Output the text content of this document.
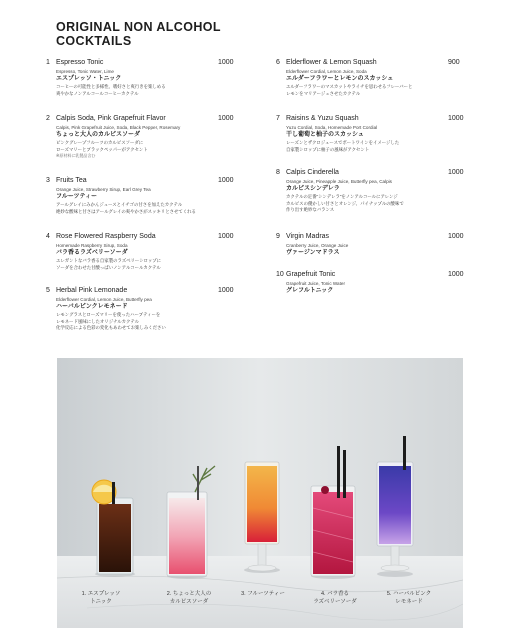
ORIGINAL NON ALCOHOL
COCKTAILS
1 Espresso Tonic	1000
Espresso, Tonic Water, Lime
エスプレッソ・トニック
コーヒーの可能性と多様性、嗜好さと爽行きを楽しめる
爽やかなノンアルコールコーヒーカクテル
2 Calpis Soda, Pink Grapefruit Flavor	1000
Calpis, Pink Grapefruit Juice, Soda, Black Pepper, Rosemary
ちょっと大人のカルピスソーダ
ピンクグレープフルーツのカルピスソーダに
ローズマリーとブラックペッパーがアクセント
※原材料に乳製品含む
3 Fruits Tea	1000
Orange Juice, Strawberry Sirup, Earl Grey Tea
フルーツティー
アールグレイにみかんジュースとイチゴの甘さを加えたカクテル
絶妙な酸味と甘さはアールグレイの爽やかさがスッキリとさせてくれる
4 Rose Flowered Raspberry Soda	1000
Homemade Raspberry Sirup, Soda
バラ香るラズベリーソーダ
エレガントなバラ香る自家製のラズベリーシロップに
ソーダを合わせた甘酸っぱいノンアルコールカクテル
5 Herbal Pink Lemonade	1000
Elderflower Cordial, Lemon Juice, Butterfly pea
ハーバルピンクレモネード
レモングラスとローズマリーを使ったハーブティーを
レモネード風味にしたオリジナルカクテル
化学反応による色彩の変化もあわせてお楽しみください
6 Elderflower & Lemon Squash	900
Elderflower Cordial, Lemon Juice, Soda
エルダーフラワーとレモンのスカッシュ
エルダーフラワーのマスカットやライチを思わせるフレーバーと
レモンをマリアージュさせたカクテル
7 Raisins & Yuzu Squash	1000
Yuzu Cordial, Soda, Homemade Port Cordial
干し葡萄と柚子のスカッシュ
レーズンとザクロジュースでポートワインをイメージした
自家製シロップに柚子の風味がアクセント
8 Calpis Cinderella	1000
Orange Juice, Pineapple Juice, Butterfly pea, Calpis
カルピスシンデレラ
カクテルの定番"シンデレラ"をノンアルコールにアレンジ
カルピスの優かしい甘さとオレンジ、パイナップルの酸味で
作り出す絶妙なバランス
9 Virgin Madras	1000
Cranberry Juice, Orange Juice
ヴァージンマドラス
10 Grapefruit Tonic	1000
Grapefruit Juice, Tonic Water
グレフルトニック
1. エスプレッソ
トニック
2. ちょっと大人の
カルピスソーダ
3. フルーツティー	4. バラ香る
ラズベリーソーダ
5. ハーバルピンク
レモネード
